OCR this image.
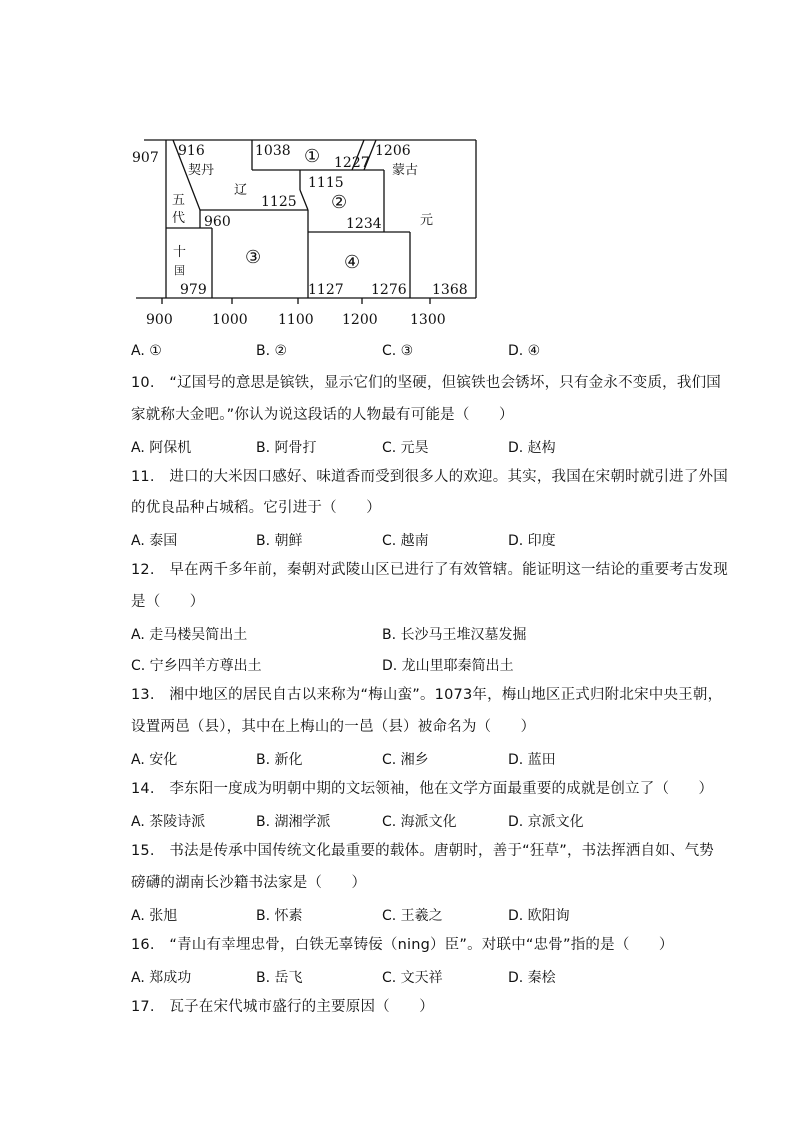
900	1000 1100 1200 1300
907 916	1038	1206
1227
1115
1125
960	1234
979	1127 1276 1368
契丹
辽
蒙古
元
五
代
十
国
①
②
③	④
A. ①	B. ②	C. ③	D. ④
10.　“辽国号的意思是镔铁，显示它们的坚硬，但镔铁也会锈坏，只有金永不变质，我们国
家就称大金吧。”你认为说这段话的人物最有可能是（　　）
A. 阿保机	B. 阿骨打	C. 元昊	D. 赵构
11.　进口的大米因口感好、味道香而受到很多人的欢迎。其实，我国在宋朝时就引进了外国
的优良品种占城稻。它引进于（　　）
A. 泰国	B. 朝鲜	C. 越南	D. 印度
12.　早在两千多年前，秦朝对武陵山区已进行了有效管辖。能证明这一结论的重要考古发现
是（　　）
A. 走马楼吴简出土	B. 长沙马王堆汉墓发掘
C. 宁乡四羊方尊出土	D. 龙山里耶秦简出土
13.　湘中地区的居民自古以来称为“梅山蛮”。1073年，梅山地区正式归附北宋中央王朝，
设置两邑（县），其中在上梅山的一邑（县）被命名为（　　）
A. 安化	B. 新化	C. 湘乡	D. 蓝田
14.　李东阳一度成为明朝中期的文坛领袖，他在文学方面最重要的成就是创立了（　　）
A. 茶陵诗派	B. 湖湘学派	C. 海派文化	D. 京派文化
15.　书法是传承中国传统文化最重要的载体。唐朝时，善于“狂草”，书法挥洒自如、气势
磅礴的湖南长沙籍书法家是（　　）
A. 张旭	B. 怀素	C. 王羲之	D. 欧阳询
16.　“青山有幸埋忠骨，白铁无辜铸佞（ning）臣”。对联中“忠骨”指的是（　　）
A. 郑成功	B. 岳飞	C. 文天祥	D. 秦桧
17.　瓦子在宋代城市盛行的主要原因（　　）
